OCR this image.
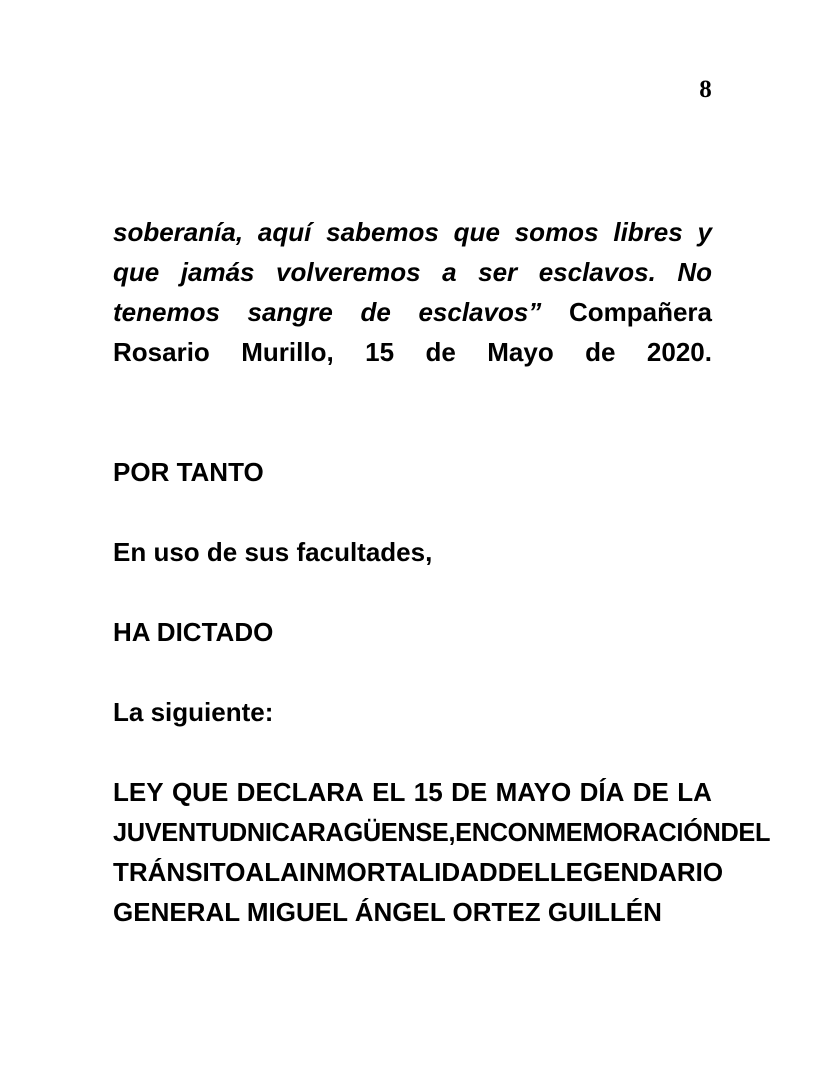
8

soberanía, aquí sabemos que somos libres y que jamás volveremos a ser esclavos. No tenemos sangre de esclavos” Compañera Rosario Murillo, 15 de Mayo de 2020.

POR TANTO

En uso de sus facultades,

HA DICTADO

La siguiente:

LEY QUE DECLARA EL 15 DE MAYO DÍA DE LA
JUVENTUD NICARAGÜENSE, EN CONMEMORACIÓN DEL
TRÁNSITO A LA INMORTALIDAD DEL LEGENDARIO
GENERAL MIGUEL ÁNGEL ORTEZ GUILLÉN
